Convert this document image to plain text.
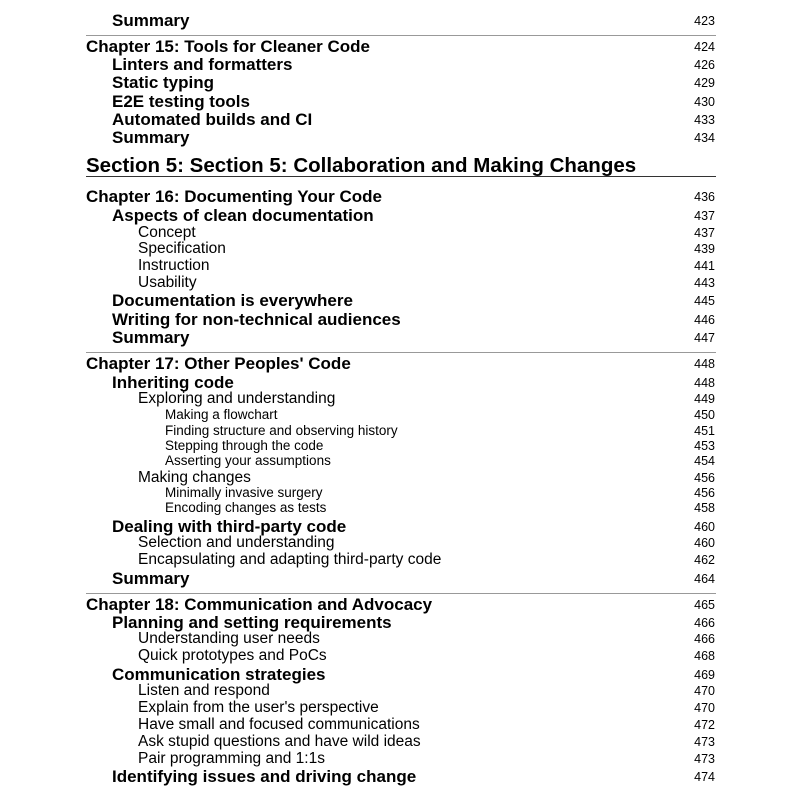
Summary	423
Chapter 15: Tools for Cleaner Code	424
Linters and formatters	426
Static typing	429
E2E testing tools	430
Automated builds and CI	433
Summary	434
Section 5: Section 5: Collaboration and Making Changes
Chapter 16: Documenting Your Code	436
Aspects of clean documentation	437
Concept	437
Specification	439
Instruction	441
Usability	443
Documentation is everywhere	445
Writing for non-technical audiences	446
Summary	447
Chapter 17: Other Peoples' Code	448
Inheriting code	448
Exploring and understanding	449
Making a flowchart	450
Finding structure and observing history	451
Stepping through the code	453
Asserting your assumptions	454
Making changes	456
Minimally invasive surgery	456
Encoding changes as tests	458
Dealing with third-party code	460
Selection and understanding	460
Encapsulating and adapting third-party code	462
Summary	464
Chapter 18: Communication and Advocacy	465
Planning and setting requirements	466
Understanding user needs	466
Quick prototypes and PoCs	468
Communication strategies	469
Listen and respond	470
Explain from the user's perspective	470
Have small and focused communications	472
Ask stupid questions and have wild ideas	473
Pair programming and 1:1s	473
Identifying issues and driving change	474
